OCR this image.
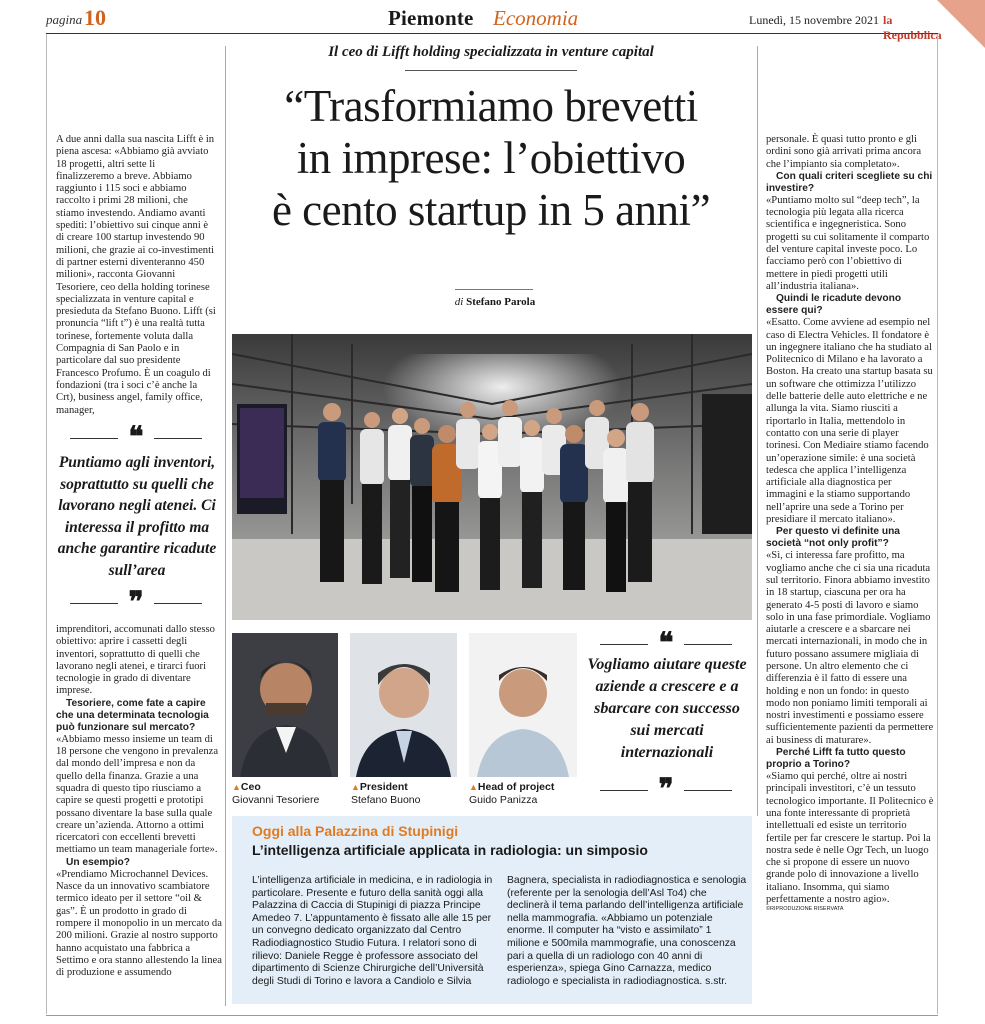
pagina 10	Piemonte Economia	Lunedì, 15 novembre 2021 la Repubblica
Il ceo di Lifft holding specializzata in venture capital
“Trasformiamo brevetti
in imprese: l’obiettivo
è cento startup in 5 anni”
di Stefano Parola

A due anni dalla sua nascita Lifft è in piena ascesa: «Abbiamo già avviato 18 progetti, altri sette li finalizzeremo a breve. Abbiamo raggiunto i 115 soci e abbiamo raccolto i primi 28 milioni, che stiamo investendo. Andiamo avanti spediti: l’obiettivo sui cinque anni è di creare 100 startup investendo 90 milioni, che grazie ai co-investimenti di partner esterni diventeranno 450 milioni», racconta Giovanni Tesoriere, ceo della holding torinese specializzata in venture capital e presieduta da Stefano Buono. Lifft (si pronuncia “lift t”) è una realtà tutta torinese, fortemente voluta dalla Compagnia di San Paolo e in particolare dal suo presidente Francesco Profumo. È un coagulo di fondazioni (tra i soci c’è anche la Crt), business angel, family office, manager,

❝
Puntiamo agli inventori, soprattutto su quelli che lavorano negli atenei. Ci interessa il profitto ma anche garantire ricadute sull’area
❞

imprenditori, accomunati dallo stesso obiettivo: aprire i cassetti degli inventori, soprattutto di quelli che lavorano negli atenei, e tirarci fuori tecnologie in grado di diventare imprese.

Tesoriere, come fate a capire che una determinata tecnologia può funzionare sul mercato?

«Abbiamo messo insieme un team di 18 persone che vengono in prevalenza dal mondo dell’impresa e non da quello della finanza. Grazie a una squadra di questo tipo riusciamo a capire se questi progetti e prototipi possano diventare la base sulla quale creare un’azienda. Attorno a ottimi ricercatori con eccellenti brevetti mettiamo un team manageriale forte».

Un esempio?

«Prendiamo Microchannel Devices. Nasce da un innovativo scambiatore termico ideato per il settore “oil & gas”. È un prodotto in grado di rompere il monopolio in un mercato da 200 milioni. Grazie al nostro supporto hanno acquistato una fabbrica a Settimo e ora stanno allestendo la linea di produzione e assumendo

personale. È quasi tutto pronto e gli ordini sono già arrivati prima ancora che l’impianto sia completato».

Con quali criteri scegliete su chi investire?

«Puntiamo molto sul “deep tech”, la tecnologia più legata alla ricerca scientifica e ingegneristica. Sono progetti su cui solitamente il comparto del venture capital investe poco. Lo facciamo però con l’obiettivo di mettere in piedi progetti utili all’industria italiana».

Quindi le ricadute devono essere qui?

«Esatto. Come avviene ad esempio nel caso di Electra Vehicles. Il fondatore è un ingegnere italiano che ha studiato al Politecnico di Milano e ha lavorato a Boston. Ha creato una startup basata su un software che ottimizza l’utilizzo delle batterie delle auto elettriche e ne allunga la vita. Siamo riusciti a riportarlo in Italia, mettendolo in contatto con una serie di player torinesi. Con Mediaire stiamo facendo un’operazione simile: è una società tedesca che applica l’intelligenza artificiale alla diagnostica per immagini e la stiamo supportando nell’aprire una sede a Torino per presidiare il mercato italiano».

Per questo vi definite una società “not only profit”?

«Sì, ci interessa fare profitto, ma vogliamo anche che ci sia una ricaduta sul territorio. Finora abbiamo investito in 18 startup, ciascuna per ora ha generato 4-5 posti di lavoro e siamo solo in una fase primordiale. Vogliamo aiutarle a crescere e a sbarcare nei mercati internazionali, in modo che in futuro possano assumere migliaia di persone. Un altro elemento che ci differenzia è il fatto di essere una holding e non un fondo: in questo modo non poniamo limiti temporali ai nostri investimenti e possiamo essere sufficientemente pazienti da permettere ai business di maturare».

Perché Lifft fa tutto questo proprio a Torino?

«Siamo qui perché, oltre ai nostri principali investitori, c’è un tessuto tecnologico importante. Il Politecnico è una fonte interessante di proprietà intellettuali ed esiste un territorio fertile per far crescere le startup. Poi la nostra sede è nelle Ogr Tech, un luogo che si propone di essere un nuovo grande polo di innovazione a livello italiano. Insomma, qui siamo perfettamente a nostro agio».

©RIPRODUZIONE RISERVATA

▲Ceo
Giovanni Tesoriere
▲President
Stefano Buono
▲Head of project
Guido Panizza
❝
Vogliamo aiutare queste aziende a crescere e a sbarcare con successo sui mercati internazionali
❞
Oggi alla Palazzina di Stupinigi
L’intelligenza artificiale applicata in radiologia: un simposio
L’intelligenza artificiale in medicina, e in radiologia in particolare. Presente e futuro della sanità oggi alla Palazzina di Caccia di Stupinigi di piazza Principe Amedeo 7. L’appuntamento è fissato alle alle 15 per un convegno dedicato organizzato dal Centro Radiodiagnostico Studio Futura. I relatori sono di rilievo: Daniele Regge è professore associato del dipartimento di Scienze Chirurgiche dell’Università degli Studi di Torino e lavora a Candiolo e Silvia
Bagnera, specialista in radiodiagnostica e senologia (referente per la senologia dell’Asl To4) che declinerà il tema parlando dell’intelligenza artificiale nella mammografia. «Abbiamo un potenziale enorme. Il computer ha “visto e assimilato” 1 milione e 500mila mammografie, una conoscenza pari a quella di un radiologo con 40 anni di esperienza», spiega Gino Carnazza, medico radiologo e specialista in radiodiagnostica. s.str.
